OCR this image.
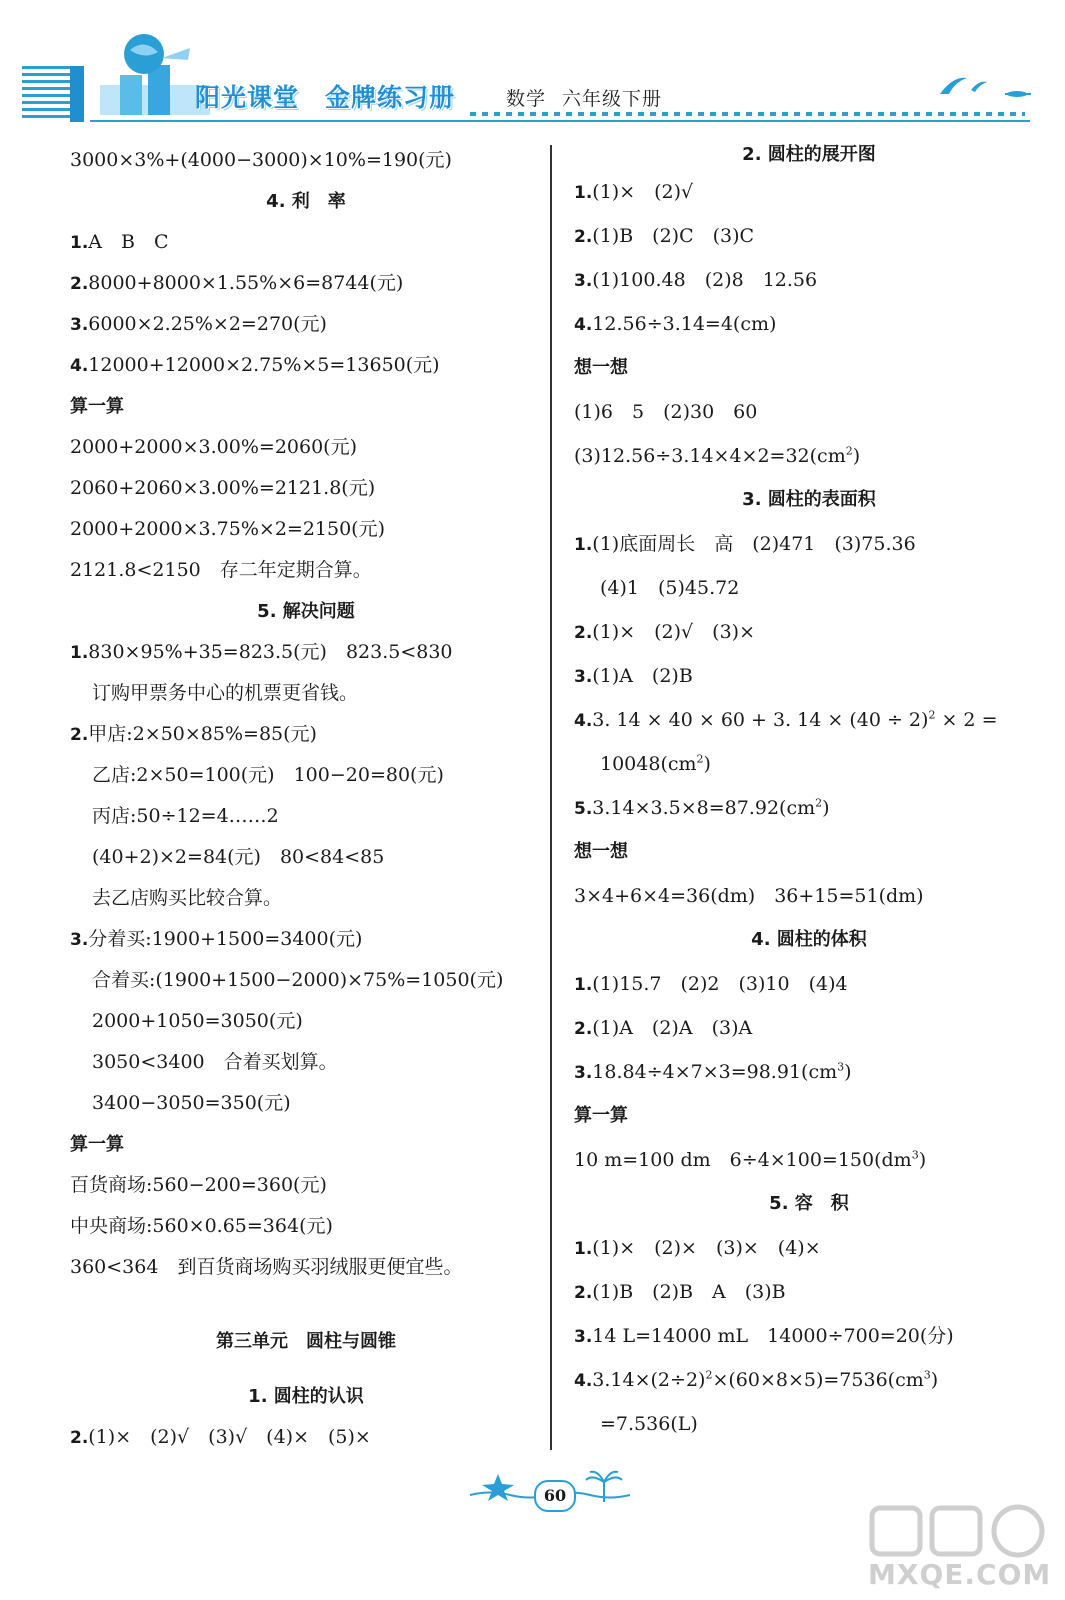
阳光课堂 金牌练习册	数学 六年级下册
3000×3%+(4000−3000)×10%=190(元)
4. 利　率
1.A　B　C
2.8000+8000×1.55%×6=8744(元)
3.6000×2.25%×2=270(元)
4.12000+12000×2.75%×5=13650(元)
算一算
2000+2000×3.00%=2060(元)
2060+2060×3.00%=2121.8(元)
2000+2000×3.75%×2=2150(元)
2121.8<2150　存二年定期合算。
5. 解决问题
1.830×95%+35=823.5(元)　823.5<830
订购甲票务中心的机票更省钱。
2.甲店:2×50×85%=85(元)
乙店:2×50=100(元)　100−20=80(元)
丙店:50÷12=4……2
(40+2)×2=84(元)　80<84<85
去乙店购买比较合算。
3.分着买:1900+1500=3400(元)
合着买:(1900+1500−2000)×75%=1050(元)
2000+1050=3050(元)
3050<3400　合着买划算。
3400−3050=350(元)
算一算
百货商场:560−200=360(元)
中央商场:560×0.65=364(元)
360<364　到百货商场购买羽绒服更便宜些。
第三单元　圆柱与圆锥
1. 圆柱的认识
2.(1)×　(2)√　(3)√　(4)×　(5)×
2. 圆柱的展开图
1.(1)×　(2)√
2.(1)B　(2)C　(3)C
3.(1)100.48　(2)8　12.56
4.12.56÷3.14=4(cm)
想一想
(1)6　5　(2)30　60
$(3)12.56\div 3.14\times 4\times 2=32(cm^2)$
3. 圆柱的表面积
1.(1)底面周长　高　(2)471　(3)75.36
(4)1　(5)45.72
2.(1)×　(2)√　(3)×
3.(1)A　(2)B
4.3. 14 × 40 × 60 + 3. $14 \times (40 \div 2)^2 \times 2$ =
$10048(cm^2)$
$5.3.14\times 3.5\times 8=87.92(cm^2)$
想一想
3×4+6×4=36(dm)　36+15=51(dm)
4. 圆柱的体积
1.(1)15.7　(2)2　(3)10　(4)4
2.(1)A　(2)A　(3)A
$3.18.84\div 4\times 7\times 3=98.91(cm^3)$
算一算
10 m=100 dm　$6\div 4\times 100=150(dm^3)$
5. 容　积
1.(1)×　(2)×　(3)×　(4)×
2.(1)B　(2)B　A　(3)B
3.14 L=14000 mL　14000÷700=20(分)
$4.3.14\times(2\div 2)^2\times(60\times 8\times 5)=7536(cm^3)$
=7.536(L)
60
MXQE.COM
